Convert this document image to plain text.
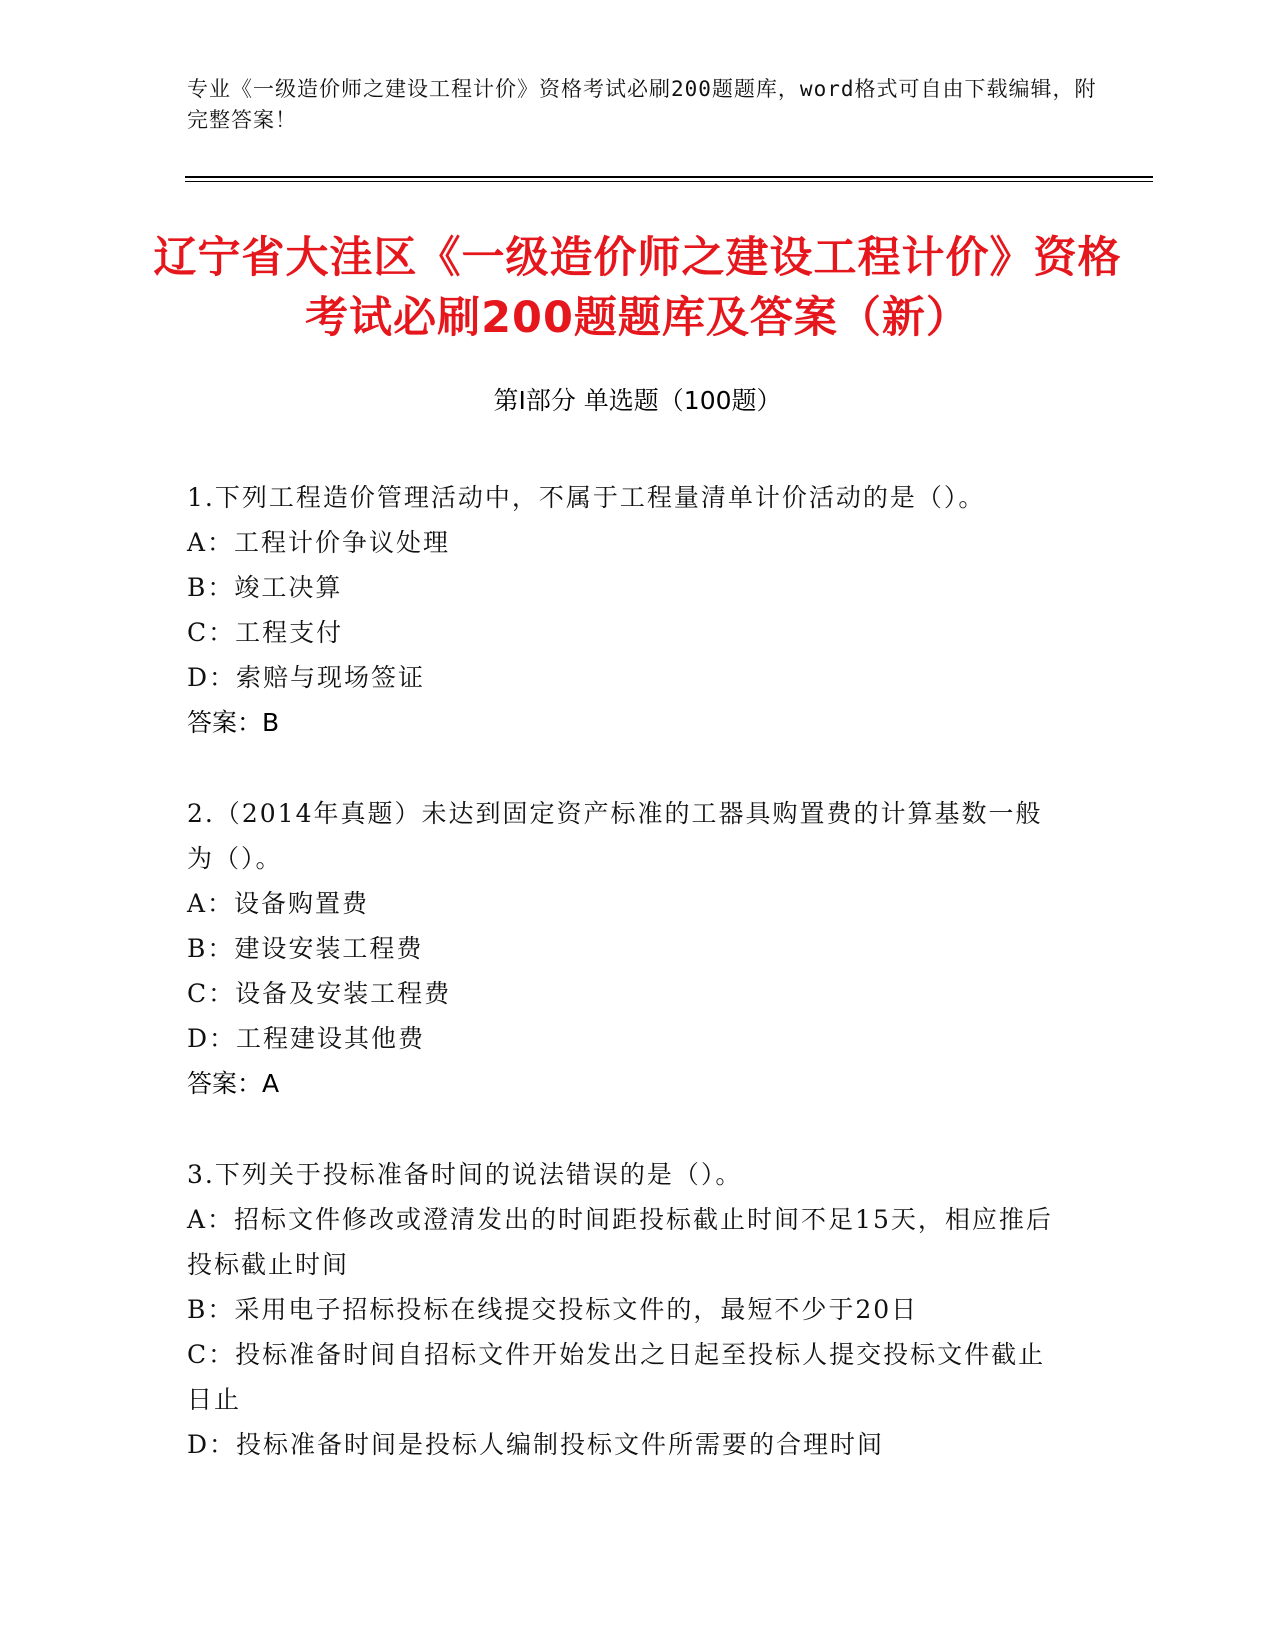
专业《一级造价师之建设工程计价》资格考试必刷200题题库，word格式可自由下载编辑，附完整答案！
辽宁省大洼区《一级造价师之建设工程计价》资格考试必刷200题题库及答案（新）
第Ⅰ部分 单选题（100题）
1.下列工程造价管理活动中，不属于工程量清单计价活动的是（）。
A：工程计价争议处理
B：竣工决算
C：工程支付
D：索赔与现场签证
答案：B
2.（2014年真题）未达到固定资产标准的工器具购置费的计算基数一般为（）。
A：设备购置费
B：建设安装工程费
C：设备及安装工程费
D：工程建设其他费
答案：A
3.下列关于投标准备时间的说法错误的是（）。
A：招标文件修改或澄清发出的时间距投标截止时间不足15天，相应推后投标截止时间
B：采用电子招标投标在线提交投标文件的，最短不少于20日
C：投标准备时间自招标文件开始发出之日起至投标人提交投标文件截止日止
D：投标准备时间是投标人编制投标文件所需要的合理时间
